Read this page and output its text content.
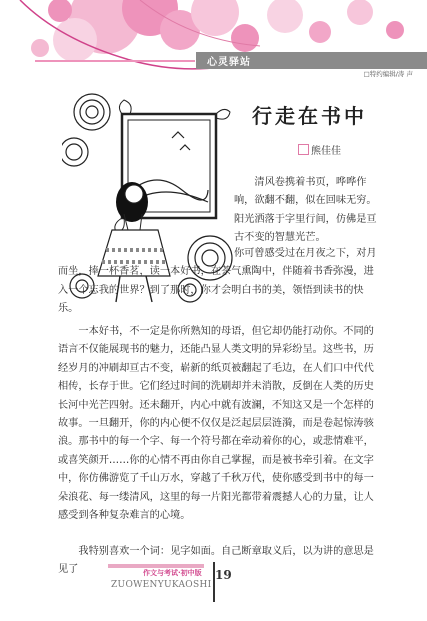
心灵驿站
□特约编辑/涛 声
行走在书中
熊佳佳

清风卷携着书页，哗哗作响，欲翻不翻，似在回味无穷。阳光洒落于字里行间，仿佛是亘古不变的智慧光芒。

你可曾感受过在月夜之下，对月而坐，捧一杯香茗，读一本好书，在茶气熏陶中，伴随着书香弥漫，进入一个忘我的世界？到了那时，你才会明白书的美，领悟到读书的快乐。

一本好书，不一定是你所熟知的母语，但它却仍能打动你。不同的语言不仅能展现书的魅力，还能凸显人类文明的异彩纷呈。这些书，历经岁月的冲刷却亘古不变，崭新的纸页被翻起了毛边，在人们口中代代相传，长存于世。它们经过时间的洗刷却并未消散，反倒在人类的历史长河中光芒四射。还未翻开，内心中就有波澜，不知这又是一个怎样的故事。一旦翻开，你的内心便不仅仅是泛起层层涟漪，而是卷起惊涛骇浪。那书中的每一个字、每一个符号都在牵动着你的心，或悲情难平，或喜笑颜开……你的心情不再由你自己掌握，而是被书牵引着。在文字中，你仿佛游览了千山万水，穿越了千秋万代，使你感受到书中的每一朵浪花、每一缕清风，这里的每一片阳光都带着震撼人心的力量，让人感受到各种复杂难言的心境。

我特别喜欢一个词：见字如面。自己断章取义后，以为讲的意思是见了	作文与考试·初中版
ZUOWENYUKAOSHI
19
